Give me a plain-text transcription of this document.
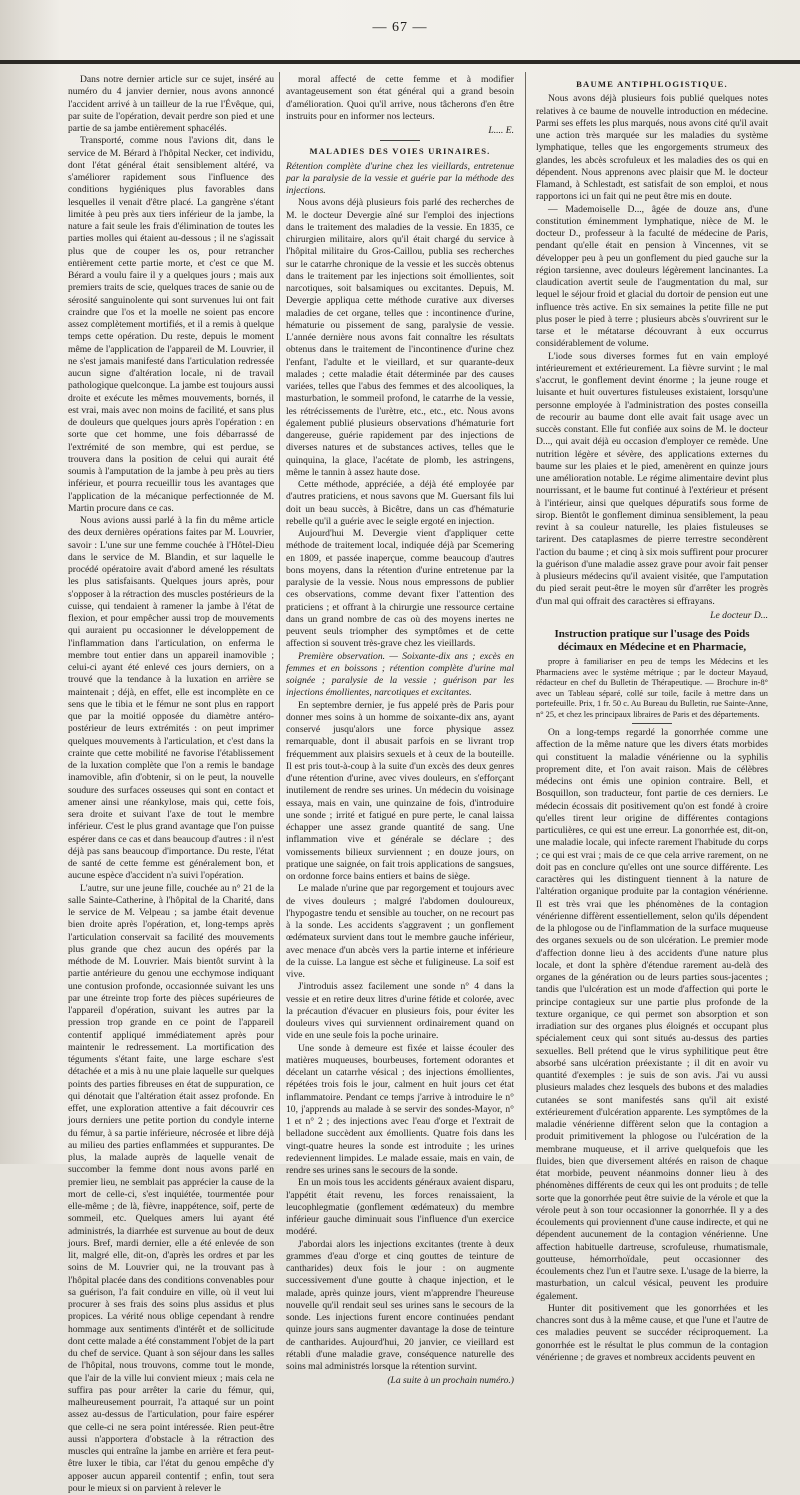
— 67 —

Dans notre dernier article sur ce sujet, inséré au numéro du 4 janvier dernier, nous avons annoncé l'accident arrivé à un tailleur de la rue l'Évêque, qui, par suite de l'opération, devait perdre son pied et une partie de sa jambe entièrement sphacélés.

Transporté, comme nous l'avions dit, dans le service de M. Bérard à l'hôpital Necker, cet individu, dont l'état général était sensiblement altéré, va s'améliorer rapidement sous l'influence des conditions hygiéniques plus favorables dans lesquelles il venait d'être placé. La gangrène s'étant limitée à peu près aux tiers inférieur de la jambe, la nature a fait seule les frais d'élimination de toutes les parties molles qui étaient au-dessous ; il ne s'agissait plus que de couper les os, pour retrancher entièrement cette partie morte, et c'est ce que M. Bérard a voulu faire il y a quelques jours ; mais aux premiers traits de scie, quelques traces de sanie ou de sérosité sanguinolente qui sont survenues lui ont fait craindre que l'os et la moelle ne soient pas encore assez complètement mortifiés, et il a remis à quelque temps cette opération. Du reste, depuis le moment même de l'application de l'appareil de M. Louvrier, il ne s'est jamais manifesté dans l'articulation redressée aucun signe d'altération locale, ni de travail pathologique quelconque. La jambe est toujours aussi droite et exécute les mêmes mouvements, bornés, il est vrai, mais avec non moins de facilité, et sans plus de douleurs que quelques jours après l'opération : en sorte que cet homme, une fois débarrassé de l'extrémité de son membre, qui est perdue, se trouvera dans la position de celui qui aurait été soumis à l'amputation de la jambe à peu près au tiers inférieur, et pourra recueillir tous les avantages que l'application de la mécanique perfectionnée de M. Martin procure dans ce cas.

Nous avions aussi parlé à la fin du même article des deux dernières opérations faites par M. Louvrier, savoir : L'une sur une femme couchée à l'Hôtel-Dieu dans le service de M. Blandin, et sur laquelle le procédé opératoire avait d'abord amené les résultats les plus satisfaisants. Quelques jours après, pour s'opposer à la rétraction des muscles postérieurs de la cuisse, qui tendaient à ramener la jambe à l'état de flexion, et pour empêcher aussi trop de mouvements qui auraient pu occasionner le développement de l'inflammation dans l'articulation, on enferma le membre tout entier dans un appareil inamovible ; celui-ci ayant été enlevé ces jours derniers, on a trouvé que la tendance à la luxation en arrière se maintenait ; déjà, en effet, elle est incomplète en ce sens que le tibia et le fémur ne sont plus en rapport que par la moitié opposée du diamètre antéro-postérieur de leurs extrémités : on peut imprimer quelques mouvements à l'articulation, et c'est dans la crainte que cette mobilité ne favorise l'établissement de la luxation complète que l'on a remis le bandage inamovible, afin d'obtenir, si on le peut, la nouvelle soudure des surfaces osseuses qui sont en contact et amener ainsi une réankylose, mais qui, cette fois, sera droite et suivant l'axe de tout le membre inférieur. C'est le plus grand avantage que l'on puisse espérer dans ce cas et dans beaucoup d'autres : il n'est déjà pas sans beaucoup d'importance. Du reste, l'état de santé de cette femme est généralement bon, et aucune espèce d'accident n'a suivi l'opération.

L'autre, sur une jeune fille, couchée au n° 21 de la salle Sainte-Catherine, à l'hôpital de la Charité, dans le service de M. Velpeau ; sa jambe était devenue bien droite après l'opération, et, long-temps après l'articulation conservait sa facilité des mouvements plus grande que chez aucun des opérés par la méthode de M. Louvrier. Mais bientôt survint à la partie antérieure du genou une ecchymose indiquant une contusion profonde, occasionnée suivant les uns par une étreinte trop forte des pièces supérieures de l'appareil d'opération, suivant les autres par la pression trop grande en ce point de l'appareil contentif appliqué immédiatement après pour maintenir le redressement. La mortification des téguments s'étant faite, une large eschare s'est détachée et a mis à nu une plaie laquelle sur quelques points des parties fibreuses en état de suppuration, ce qui dénotait que l'altération était assez profonde. En effet, une exploration attentive a fait découvrir ces jours derniers une petite portion du condyle interne du fémur, à sa partie inférieure, nécrosée et libre déjà au milieu des parties enflammées et suppurantes. De plus, la malade auprès de laquelle venait de succomber la femme dont nous avons parlé en premier lieu, ne semblait pas apprécier la cause de la mort de celle-ci, s'est inquiétée, tourmentée pour elle-même ; de là, fièvre, inappétence, soif, perte de sommeil, etc. Quelques amers lui ayant été administrés, la diarrhée est survenue au bout de deux jours. Bref, mardi dernier, elle a été enlevée de son lit, malgré elle, dit-on, d'après les ordres et par les soins de M. Louvrier qui, ne la trouvant pas à l'hôpital placée dans des conditions convenables pour sa guérison, l'a fait conduire en ville, où il veut lui procurer à ses frais des soins plus assidus et plus propices. La vérité nous oblige cependant à rendre hommage aux sentiments d'intérêt et de sollicitude dont cette malade a été constamment l'objet de la part du chef de service. Quant à son séjour dans les salles de l'hôpital, nous trouvons, comme tout le monde, que l'air de la ville lui convient mieux ; mais cela ne suffira pas pour arrêter la carie du fémur, qui, malheureusement pourrait, l'a attaqué sur un point assez au-dessus de l'articulation, pour faire espérer que celle-ci ne sera point intéressée. Rien peut-être aussi n'apportera d'obstacle à la rétraction des muscles qui entraîne la jambe en arrière et fera peut-être luxer le tibia, car l'état du genou empêche d'y apposer aucun appareil contentif ; enfin, tout sera pour le mieux si on parvient à relever le

moral affecté de cette femme et à modifier avantageusement son état général qui a grand besoin d'amélioration. Quoi qu'il arrive, nous tâcherons d'en être instruits pour en informer nos lecteurs.

L.... E.
MALADIES DES VOIES URINAIRES.

Rétention complète d'urine chez les vieillards, entretenue par la paralysie de la vessie et guérie par la méthode des injections.

Nous avons déjà plusieurs fois parlé des recherches de M. le docteur Devergie aîné sur l'emploi des injections dans le traitement des maladies de la vessie. En 1835, ce chirurgien militaire, alors qu'il était chargé du service à l'hôpital militaire du Gros-Caillou, publia ses recherches sur le catarrhe chronique de la vessie et les succès obtenus dans le traitement par les injections soit émollientes, soit narcotiques, soit balsamiques ou excitantes. Depuis, M. Devergie appliqua cette méthode curative aux diverses maladies de cet organe, telles que : incontinence d'urine, hématurie ou pissement de sang, paralysie de vessie. L'année dernière nous avons fait connaître les résultats obtenus dans le traitement de l'incontinence d'urine chez l'enfant, l'adulte et le vieillard, et sur quarante-deux malades ; cette maladie était déterminée par des causes variées, telles que l'abus des femmes et des alcooliques, la masturbation, le sommeil profond, le catarrhe de la vessie, les rétrécissements de l'urètre, etc., etc., etc. Nous avons également publié plusieurs observations d'hématurie fort dangereuse, guérie rapidement par des injections de diverses natures et de substances actives, telles que le quinquina, la glace, l'acétate de plomb, les astringens, même le tannin à assez haute dose.

Cette méthode, appréciée, a déjà été employée par d'autres praticiens, et nous savons que M. Guersant fils lui doit un beau succès, à Bicêtre, dans un cas d'hématurie rebelle qu'il a guérie avec le seigle ergoté en injection.

Aujourd'hui M. Devergie vient d'appliquer cette méthode de traitement local, indiquée déjà par Scemering en 1809, et passée inaperçue, comme beaucoup d'autres bons moyens, dans la rétention d'urine entretenue par la paralysie de la vessie. Nous nous empressons de publier ces observations, comme devant fixer l'attention des praticiens ; et offrant à la chirurgie une ressource certaine dans un grand nombre de cas où des moyens inertes ne peuvent seuls triompher des symptômes et de cette affection si souvent très-grave chez les vieillards.

Première observation. — Soixante-dix ans ; excès en femmes et en boissons ; rétention complète d'urine mal soignée ; paralysie de la vessie ; guérison par les injections émollientes, narcotiques et excitantes.

En septembre dernier, je fus appelé près de Paris pour donner mes soins à un homme de soixante-dix ans, ayant conservé jusqu'alors une force physique assez remarquable, dont il abusait parfois en se livrant trop fréquemment aux plaisirs sexuels et à ceux de la bouteille. Il est pris tout-à-coup à la suite d'un excès des deux genres d'une rétention d'urine, avec vives douleurs, en s'efforçant inutilement de rendre ses urines. Un médecin du voisinage essaya, mais en vain, une quinzaine de fois, d'introduire une sonde ; irrité et fatigué en pure perte, le canal laissa échapper une assez grande quantité de sang. Une inflammation vive et générale se déclare ; des vomissements bilieux surviennent ; en douze jours, on pratique une saignée, on fait trois applications de sangsues, on ordonne force bains entiers et bains de siège.

Le malade n'urine que par regorgement et toujours avec de vives douleurs ; malgré l'abdomen douloureux, l'hypogastre tendu et sensible au toucher, on ne recourt pas à la sonde. Les accidents s'aggravent ; un gonflement œdémateux survient dans tout le membre gauche inférieur, avec menace d'un abcès vers la partie interne et inférieure de la cuisse. La langue est sèche et fuligineuse. La soif est vive.

J'introduis assez facilement une sonde n° 4 dans la vessie et en retire deux litres d'urine fétide et colorée, avec la précaution d'évacuer en plusieurs fois, pour éviter les douleurs vives qui surviennent ordinairement quand on vide en une seule fois la poche urinaire.

Une sonde à demeure est fixée et laisse écouler des matières muqueuses, bourbeuses, fortement odorantes et décelant un catarrhe vésical ; des injections émollientes, répétées trois fois le jour, calment en huit jours cet état inflammatoire. Pendant ce temps j'arrive à introduire le n° 10, j'apprends au malade à se servir des sondes-Mayor, n° 1 et n° 2 ; des injections avec l'eau d'orge et l'extrait de belladone succèdent aux émollients. Quatre fois dans les vingt-quatre heures la sonde est introduite ; les urines redeviennent limpides. Le malade essaie, mais en vain, de rendre ses urines sans le secours de la sonde.

En un mois tous les accidents généraux avaient disparu, l'appétit était revenu, les forces renaissaient, la leucophlegmatie (gonflement œdémateux) du membre inférieur gauche diminuait sous l'influence d'un exercice modéré.

J'abordai alors les injections excitantes (trente à deux grammes d'eau d'orge et cinq gouttes de teinture de cantharides) deux fois le jour : on augmente successivement d'une goutte à chaque injection, et le malade, après quinze jours, vient m'apprendre l'heureuse nouvelle qu'il rendait seul ses urines sans le secours de la sonde. Les injections furent encore continuées pendant quinze jours sans augmenter davantage la dose de teinture de cantharides. Aujourd'hui, 20 janvier, ce vieillard est rétabli d'une maladie grave, conséquence naturelle des soins mal administrés lorsque la rétention survint.

(La suite à un prochain numéro.)
BAUME ANTIPHLOGISTIQUE.

Nous avons déjà plusieurs fois publié quelques notes relatives à ce baume de nouvelle introduction en médecine. Parmi ses effets les plus marqués, nous avons cité qu'il avait une action très marquée sur les maladies du système lymphatique, telles que les engorgements strumeux des glandes, les abcès scrofuleux et les maladies des os qui en dépendent. Nous apprenons avec plaisir que M. le docteur Flamand, à Schlestadt, est satisfait de son emploi, et nous rapportons ici un fait qui ne peut être mis en doute.

— Mademoiselle D..., âgée de douze ans, d'une constitution éminemment lymphatique, nièce de M. le docteur D., professeur à la faculté de médecine de Paris, pendant qu'elle était en pension à Vincennes, vit se développer peu à peu un gonflement du pied gauche sur la région tarsienne, avec douleurs légèrement lancinantes. La claudication avertit seule de l'augmentation du mal, sur lequel le séjour froid et glacial du dortoir de pension eut une influence très active. En six semaines la petite fille ne put plus poser le pied à terre ; plusieurs abcès s'ouvrirent sur le tarse et le métatarse découvrant à eux occurrus considérablement de volume.

L'iode sous diverses formes fut en vain employé intérieurement et extérieurement. La fièvre survint ; le mal s'accrut, le gonflement devint énorme ; la jeune rouge et luisante et huit ouvertures fistuleuses existaient, lorsqu'une personne employée à l'administration des postes conseilla de recourir au baume dont elle avait fait usage avec un succès constant. Elle fut confiée aux soins de M. le docteur D..., qui avait déjà eu occasion d'employer ce remède. Une nutrition légère et sévère, des applications externes du baume sur les plaies et le pied, amenèrent en quinze jours une amélioration notable. Le régime alimentaire devint plus nourrissant, et le baume fut continué à l'extérieur et présent à l'intérieur, ainsi que quelques dépuratifs sous forme de sirop. Bientôt le gonflement diminua sensiblement, la peau revint à sa couleur naturelle, les plaies fistuleuses se tarirent. Des cataplasmes de pierre terrestre secondèrent l'action du baume ; et cinq à six mois suffirent pour procurer la guérison d'une maladie assez grave pour avoir fait penser à plusieurs médecins qu'il avaient visitée, que l'amputation du pied serait peut-être le moyen sûr d'arrêter les progrès d'un mal qui offrait des caractères si effrayans.

Le docteur D...
Instruction pratique sur l'usage des Poids décimaux en Médecine et en Pharmacie,

propre à familiariser en peu de temps les Médecins et les Pharmaciens avec le système métrique ; par le docteur Mayaud, rédacteur en chef du Bulletin de Thérapeutique. — Brochure in-8° avec un Tableau séparé, collé sur toile, facile à mettre dans un portefeuille. Prix, 1 fr. 50 c. Au Bureau du Bulletin, rue Sainte-Anne, n° 25, et chez les principaux libraires de Paris et des départements.

On a long-temps regardé la gonorrhée comme une affection de la même nature que les divers états morbides qui constituent la maladie vénérienne ou la syphilis proprement dite, et l'on avait raison. Mais de célèbres médecins ont émis une opinion contraire. Bell, et Bosquillon, son traducteur, font partie de ces derniers. Le médecin écossais dit positivement qu'on est fondé à croire qu'elles tirent leur origine de différentes contagions particulières, ce qui est une erreur. La gonorrhée est, dit-on, une maladie locale, qui infecte rarement l'habitude du corps ; ce qui est vrai ; mais de ce que cela arrive rarement, on ne doit pas en conclure qu'elles ont une source différente. Les caractères qui les distinguent tiennent à la nature de l'altération organique produite par la contagion vénérienne. Il est très vrai que les phénomènes de la contagion vénérienne diffèrent essentiellement, selon qu'ils dépendent de la phlogose ou de l'inflammation de la surface muqueuse des organes sexuels ou de son ulcération. Le premier mode d'affection donne lieu à des accidents d'une nature plus locale, et dont la sphère d'étendue rarement au-delà des organes de la génération ou de leurs parties sous-jacentes ; tandis que l'ulcération est un mode d'affection qui porte le principe contagieux sur une partie plus profonde de la texture organique, ce qui permet son absorption et son irradiation sur des organes plus éloignés et occupant plus spécialement ceux qui sont situés au-dessus des parties sexuelles. Bell prétend que le virus syphilitique peut être absorbé sans ulcération préexistante ; il dit en avoir vu quantité d'exemples : je suis de son avis. J'ai vu aussi plusieurs malades chez lesquels des bubons et des maladies cutanées se sont manifestés sans qu'il ait existé extérieurement d'ulcération apparente. Les symptômes de la maladie vénérienne diffèrent selon que la contagion a produit primitivement la phlogose ou l'ulcération de la membrane muqueuse, et il arrive quelquefois que les fluides, bien que diversement altérés en raison de chaque état morbide, peuvent néanmoins donner lieu à des phénomènes différents de ceux qui les ont produits ; de telle sorte que la gonorrhée peut être suivie de la vérole et que la vérole peut à son tour occasionner la gonorrhée. Il y a des écoulements qui proviennent d'une cause indirecte, et qui ne dépendent aucunement de la contagion vénérienne. Une affection habituelle dartreuse, scrofuleuse, rhumatismale, goutteuse, hémorrhoïdale, peut occasionner des écoulements chez l'un et l'autre sexe. L'usage de la bierre, la masturbation, un calcul vésical, peuvent les produire également.

Hunter dit positivement que les gonorrhées et les chancres sont dus à la même cause, et que l'une et l'autre de ces maladies peuvent se succéder réciproquement. La gonorrhée est le résultat le plus commun de la contagion vénérienne ; de graves et nombreux accidents peuvent en
